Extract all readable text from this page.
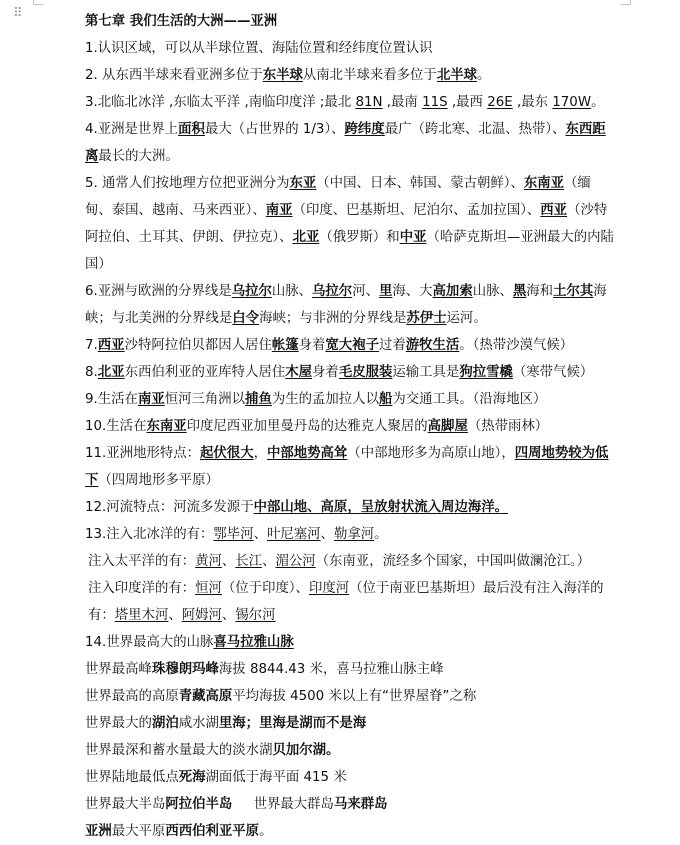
⠿

第七章 我们生活的大洲——亚洲

1.认识区域，可以从半球位置、海陆位置和经纬度位置认识

2. 从东西半球来看亚洲多位于东半球从南北半球来看多位于北半球。

3.北临北冰洋 ,东临太平洋 ,南临印度洋 ;最北 81N ,最南 11S ,最西 26E ,最东 170W。

4.亚洲是世界上面积最大（占世界的 1/3）、跨纬度最广（跨北寒、北温、热带）、东西距离最长的大洲。

5. 通常人们按地理方位把亚洲分为东亚（中国、日本、韩国、蒙古朝鲜）、东南亚（缅甸、泰国、越南、马来西亚）、南亚（印度、巴基斯坦、尼泊尔、孟加拉国）、西亚（沙特阿拉伯、土耳其、伊朗、伊拉克）、北亚（俄罗斯）和中亚（哈萨克斯坦—亚洲最大的内陆国）

6.亚洲与欧洲的分界线是乌拉尔山脉、乌拉尔河、里海、大高加索山脉、黑海和土尔其海峡；与北美洲的分界线是白令海峡；与非洲的分界线是苏伊士运河。

7.西亚沙特阿拉伯贝都因人居住帐篷身着宽大袍子过着游牧生活。（热带沙漠气候）

8.北亚东西伯利亚的亚库特人居住木屋身着毛皮服装运输工具是狗拉雪橇（寒带气候）

9.生活在南亚恒河三角洲以捕鱼为生的孟加拉人以船为交通工具。（沿海地区）

10.生活在东南亚印度尼西亚加里曼丹岛的达雅克人聚居的高脚屋（热带雨林）

11.亚洲地形特点：起伏很大，中部地势高耸（中部地形多为高原山地），四周地势较为低下（四周地形多平原）

12.河流特点：河流多发源于中部山地、高原，呈放射状流入周边海洋。

13.注入北冰洋的有：鄂毕河、叶尼塞河、勒拿河。

注入太平洋的有：黄河、长江、湄公河（东南亚，流经多个国家，中国叫做澜沧江。）

注入印度洋的有：恒河（位于印度）、印度河（位于南亚巴基斯坦）最后没有注入海洋的有：塔里木河、阿姆河、锡尔河

14.世界最高大的山脉喜马拉雅山脉

世界最高峰珠穆朗玛峰海拔 8844.43 米，喜马拉雅山脉主峰

世界最高的高原青藏高原平均海拔 4500 米以上有“世界屋脊”之称

世界最大的湖泊咸水湖里海；里海是湖而不是海

世界最深和蓄水量最大的淡水湖贝加尔湖。

世界陆地最低点死海湖面低于海平面 415 米

世界最大半岛阿拉伯半岛     世界最大群岛马来群岛

亚洲最大平原西西伯利亚平原。
